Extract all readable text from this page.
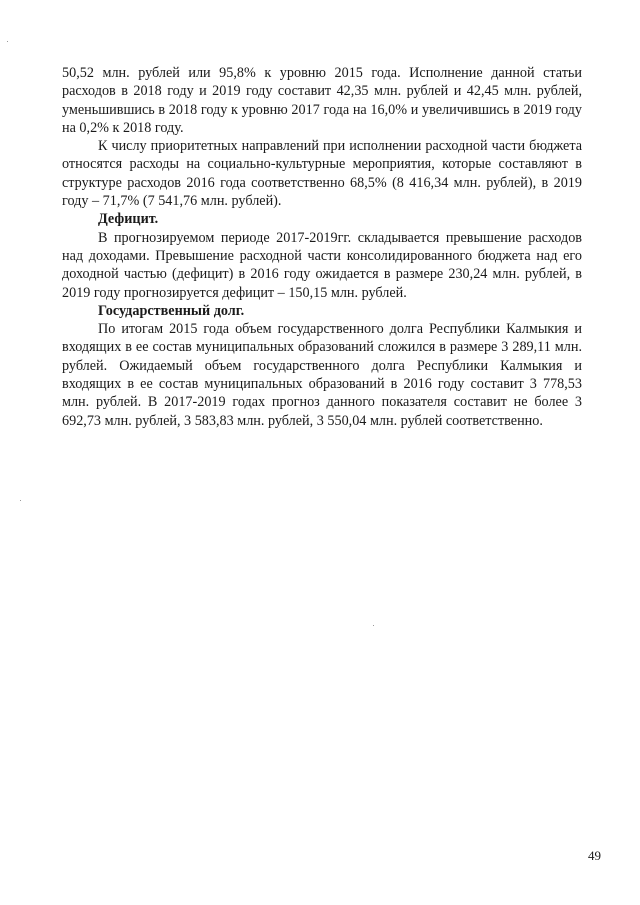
50,52 млн. рублей или 95,8% к уровню 2015 года. Исполнение данной статьи расходов в 2018 году и 2019 году составит 42,35 млн. рублей и 42,45 млн. рублей, уменьшившись в 2018 году к уровню 2017 года на 16,0% и увеличившись в 2019 году на 0,2% к 2018 году.

К числу приоритетных направлений при исполнении расходной части бюджета относятся расходы на социально-культурные мероприятия, которые составляют в структуре расходов 2016 года соответственно 68,5% (8 416,34 млн. рублей), в 2019 году – 71,7% (7 541,76 млн. рублей).

Дефицит.

В прогнозируемом периоде 2017-2019гг. складывается превышение расходов над доходами. Превышение расходной части консолидированного бюджета над его доходной частью (дефицит) в 2016 году ожидается в размере 230,24 млн. рублей, в 2019 году прогнозируется дефицит – 150,15 млн. рублей.

Государственный долг.

По итогам 2015 года объем государственного долга Республики Калмыкия и входящих в ее состав муниципальных образований сложился в размере 3 289,11 млн. рублей. Ожидаемый объем государственного долга Республики Калмыкия и входящих в ее состав муниципальных образований в 2016 году составит 3 778,53 млн. рублей. В 2017-2019 годах прогноз данного показателя составит не более 3 692,73 млн. рублей, 3 583,83 млн. рублей, 3 550,04 млн. рублей соответственно.

49
